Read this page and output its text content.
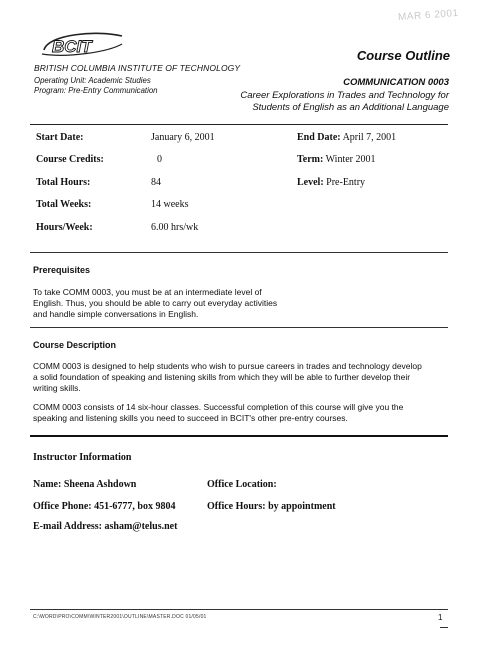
MAR 6 2001
BCIT
BRITISH COLUMBIA INSTITUTE OF TECHNOLOGY
Operating Unit: Academic Studies
Program: Pre-Entry Communication
Course Outline
COMMUNICATION 0003
Career Explorations in Trades and Technology for Students of English as an Additional Language
Start Date:	January 6, 2001	End Date: April 7, 2001
Course Credits:	0	Term: Winter 2001
Total Hours:	84	Level: Pre-Entry
Total Weeks:	14 weeks
Hours/Week:	6.00 hrs/wk
Prerequisites
To take COMM 0003, you must be at an intermediate level of
English. Thus, you should be able to carry out everyday activities
and handle simple conversations in English.
Course Description
COMM 0003 is designed to help students who wish to pursue careers in trades and technology develop
a solid foundation of speaking and listening skills from which they will be able to further develop their
writing skills.
COMM 0003 consists of 14 six-hour classes. Successful completion of this course will give you the
speaking and listening skills you need to succeed in BCIT's other pre-entry courses.
Instructor Information
Name: Sheena Ashdown	Office Location:
Office Phone: 451-6777, box 9804	Office Hours: by appointment
E-mail Address: asham@telus.net
C:\WORD\PRO\COMM\WINTER2001\OUTLINE\MASTER.DOC 01/05/01	1
